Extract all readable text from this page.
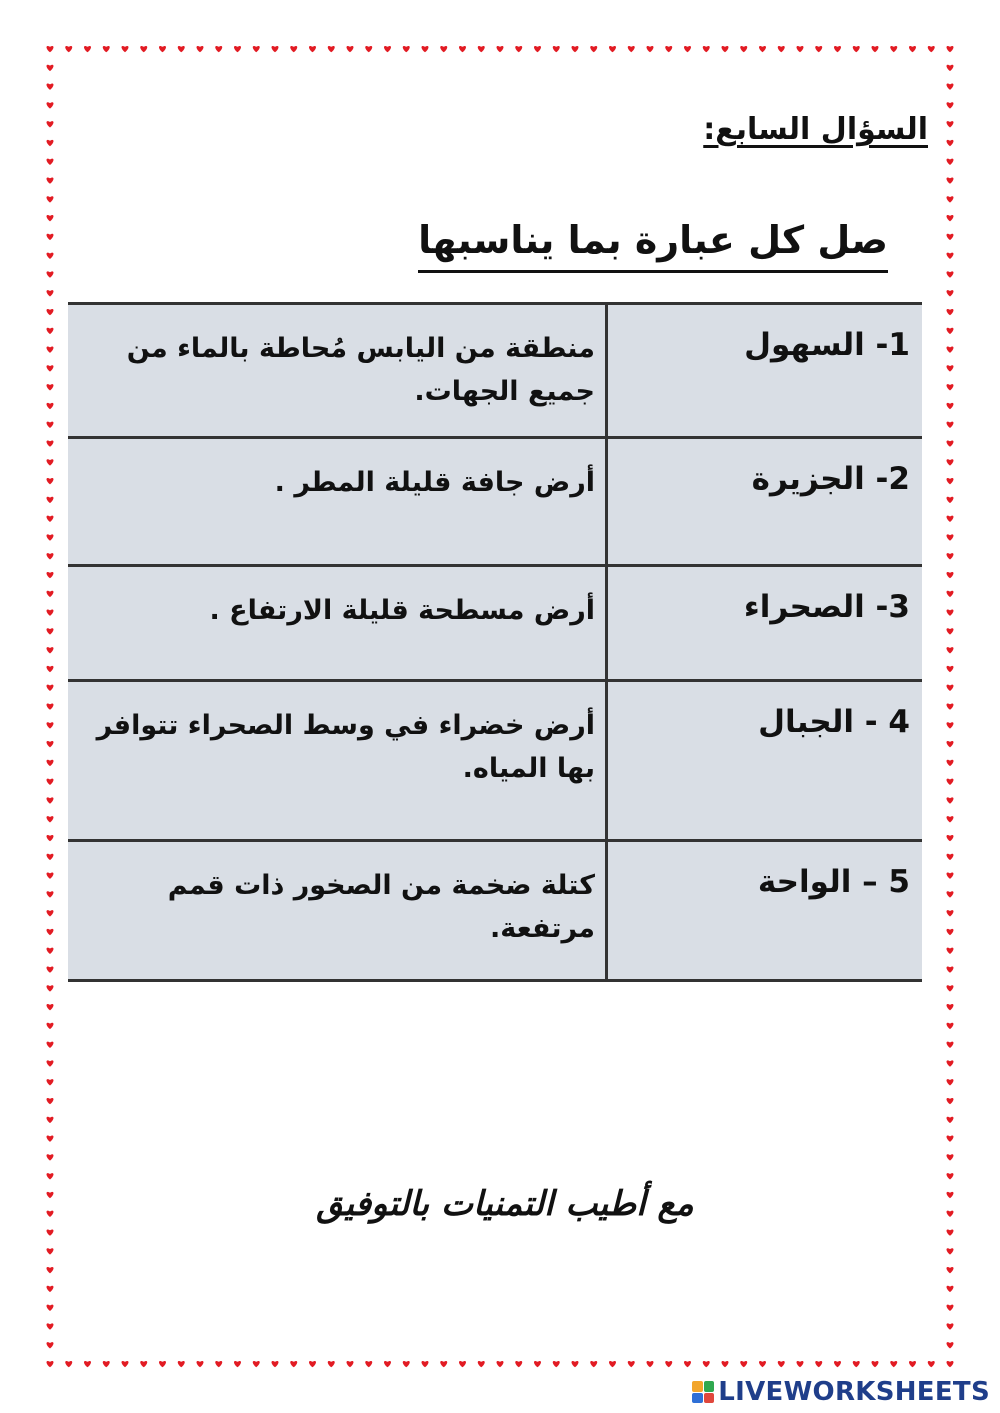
السؤال السابع:
صل كل عبارة بما يناسبها
1- السهول	منطقة من اليابس مُحاطة بالماء من جميع الجهات.
2- الجزيرة	أرض جافة قليلة المطر .
3- الصحراء	أرض مسطحة قليلة الارتفاع .
4 - الجبال	أرض خضراء في وسط الصحراء تتوافر بها المياه.
5 – الواحة	كتلة ضخمة من الصخور ذات قمم مرتفعة.
مع أطيب التمنيات بالتوفيق
LIVEWORKSHEETS
